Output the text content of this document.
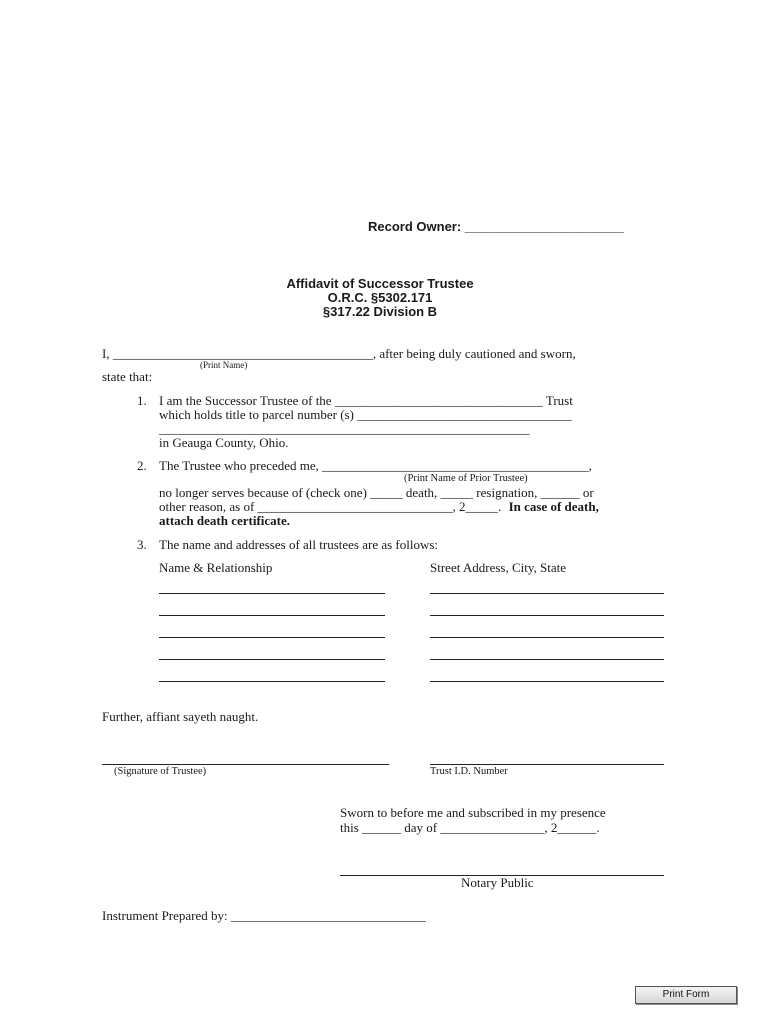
Record Owner: ______________________
Affidavit of Successor Trustee
O.R.C. §5302.171
§317.22 Division B
I, ________________________________________, after being duly cautioned and sworn,
(Print Name)
state that:
1. I am the Successor Trustee of the ________________________________ Trust
which holds title to parcel number (s) _________________________________
_________________________________________________________
in Geauga County, Ohio.
2. The Trustee who preceded me, _________________________________________,
(Print Name of Prior Trustee)
no longer serves because of (check one) _____ death, _____ resignation, ______ or
other reason, as of ______________________________, 2_____. In case of death,
attach death certificate.
3. The name and addresses of all trustees are as follows:
Name & Relationship	Street Address, City, State
Further, affiant sayeth naught.
(Signature of Trustee)	Trust I.D. Number
Sworn to before me and subscribed in my presence
this ______ day of ________________, 2______.
Notary Public
Instrument Prepared by: ______________________________
Print Form
